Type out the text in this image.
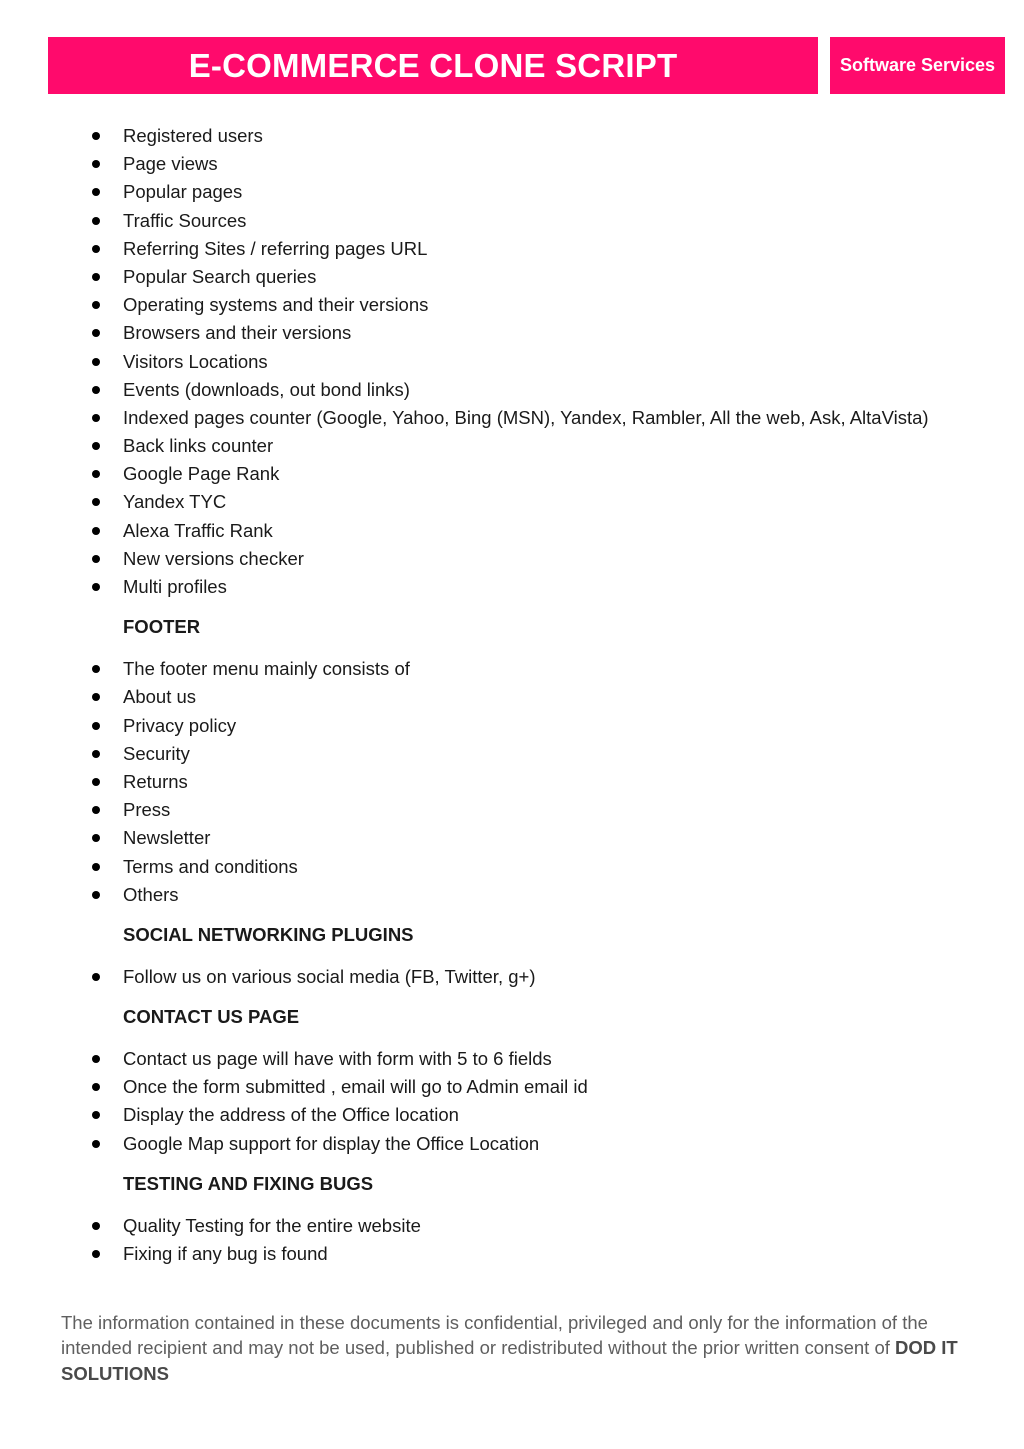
E-COMMERCE CLONE SCRIPT	Software Services
Registered users
Page views
Popular pages
Traffic Sources
Referring Sites / referring pages URL
Popular Search queries
Operating systems and their versions
Browsers and their versions
Visitors Locations
Events (downloads, out bond links)
Indexed pages counter (Google, Yahoo, Bing (MSN), Yandex, Rambler, All the web, Ask, AltaVista)
Back links counter
Google Page Rank
Yandex TYC
Alexa Traffic Rank
New versions checker
Multi profiles
FOOTER
The footer menu mainly consists of
About us
Privacy policy
Security
Returns
Press
Newsletter
Terms and conditions
Others
SOCIAL NETWORKING PLUGINS
Follow us on various social media (FB, Twitter, g+)
CONTACT US PAGE
Contact us page will have with form with 5 to 6 fields
Once the form submitted , email will go to Admin email id
Display the address of the Office location
Google Map support for display the Office Location
TESTING AND FIXING BUGS
Quality Testing for the entire website
Fixing if any bug is found
The information contained in these documents is confidential, privileged and only for the information of the intended recipient and may not be used, published or redistributed without the prior written consent of DOD IT SOLUTIONS
